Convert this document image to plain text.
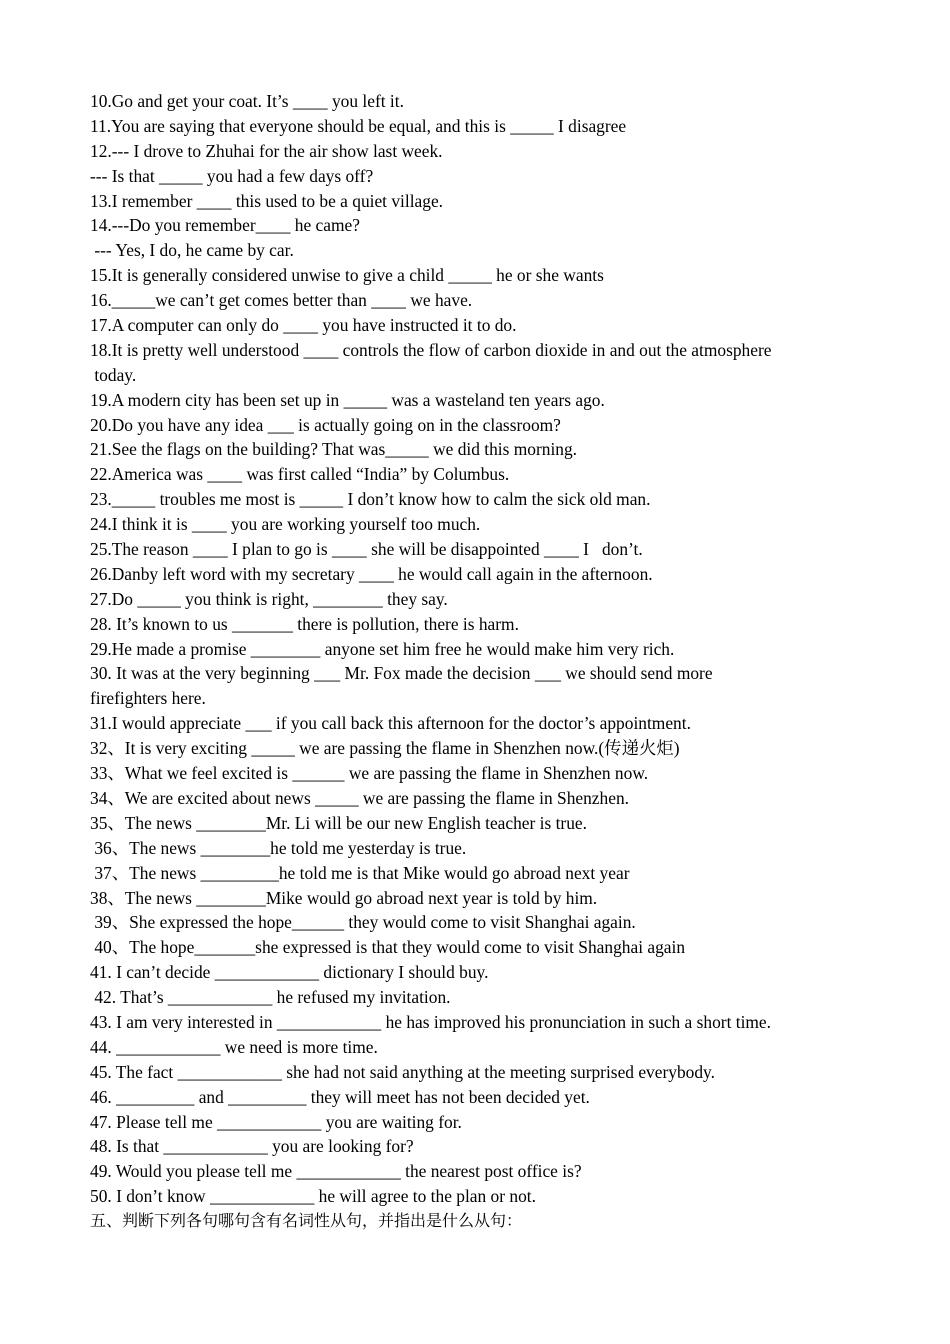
10.Go and get your coat. It’s ____ you left it.
11.You are saying that everyone should be equal, and this is _____ I disagree
12.--- I drove to Zhuhai for the air show last week.
--- Is that _____ you had a few days off?
13.I remember ____ this used to be a quiet village.
14.---Do you remember____ he came?
--- Yes, I do, he came by car.
15.It is generally considered unwise to give a child _____ he or she wants
16._____we can’t get comes better than ____ we have.
17.A computer can only do ____ you have instructed it to do.
18.It is pretty well understood ____ controls the flow of carbon dioxide in and out the atmosphere
today.
19.A modern city has been set up in _____ was a wasteland ten years ago.
20.Do you have any idea ___ is actually going on in the classroom?
21.See the flags on the building? That was_____ we did this morning.
22.America was ____ was first called “India” by Columbus.
23._____ troubles me most is _____ I don’t know how to calm the sick old man.
24.I think it is ____ you are working yourself too much.
25.The reason ____ I plan to go is ____ she will be disappointed ____ I   don’t.
26.Danby left word with my secretary ____ he would call again in the afternoon.
27.Do _____ you think is right, ________ they say.
28. It’s known to us _______ there is pollution, there is harm.
29.He made a promise ________ anyone set him free he would make him very rich.
30. It was at the very beginning ___ Mr. Fox made the decision ___ we should send more
firefighters here.
31.I would appreciate ___ if you call back this afternoon for the doctor’s appointment.
32、It is very exciting _____ we are passing the flame in Shenzhen now.(传递火炬)
33、What we feel excited is ______ we are passing the flame in Shenzhen now.
34、We are excited about news _____ we are passing the flame in Shenzhen.
35、The news ________Mr. Li will be our new English teacher is true.
36、The news ________he told me yesterday is true.
37、The news _________he told me is that Mike would go abroad next year
38、The news ________Mike would go abroad next year is told by him.
39、She expressed the hope______ they would come to visit Shanghai again.
40、The hope_______she expressed is that they would come to visit Shanghai again
41. I can’t decide ____________ dictionary I should buy.
42. That’s ____________ he refused my invitation.
43. I am very interested in ____________ he has improved his pronunciation in such a short time.
44. ____________ we need is more time.
45. The fact ____________ she had not said anything at the meeting surprised everybody.
46. _________ and _________ they will meet has not been decided yet.
47. Please tell me ____________ you are waiting for.
48. Is that ____________ you are looking for?
49. Would you please tell me ____________ the nearest post office is?
50. I don’t know ____________ he will agree to the plan or not.
五、判断下列各句哪句含有名词性从句，并指出是什么从句：
